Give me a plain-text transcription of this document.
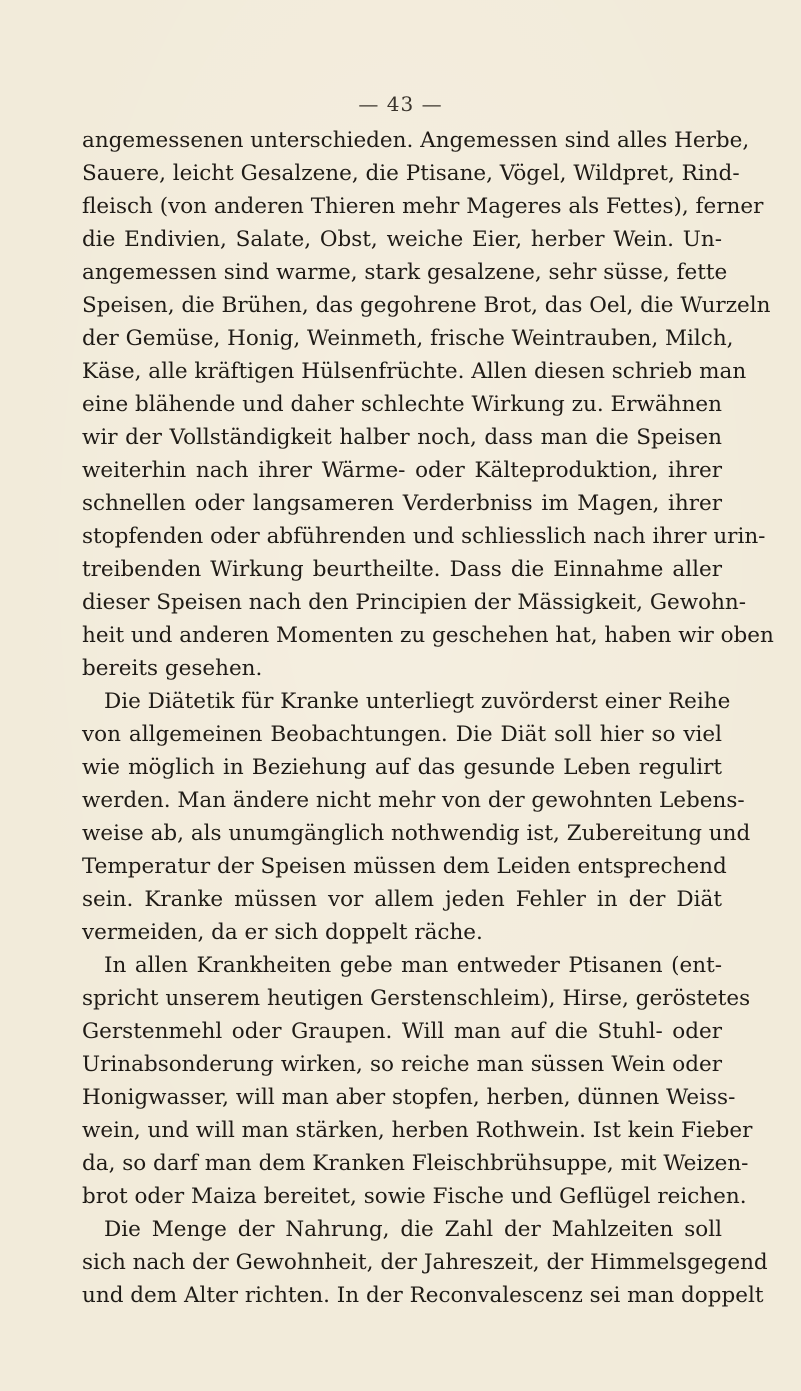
— 43 —
angemessenen unterschieden. Angemessen sind alles Herbe,
Sauere, leicht Gesalzene, die Ptisane, Vögel, Wildpret, Rind-
fleisch (von anderen Thieren mehr Mageres als Fettes), ferner
die Endivien, Salate, Obst, weiche Eier, herber Wein. Un-
angemessen sind warme, stark gesalzene, sehr süsse, fette
Speisen, die Brühen, das gegohrene Brot, das Oel, die Wurzeln
der Gemüse, Honig, Weinmeth, frische Weintrauben, Milch,
Käse, alle kräftigen Hülsenfrüchte. Allen diesen schrieb man
eine blähende und daher schlechte Wirkung zu. Erwähnen
wir der Vollständigkeit halber noch, dass man die Speisen
weiterhin nach ihrer Wärme- oder Kälteproduktion, ihrer
schnellen oder langsameren Verderbniss im Magen, ihrer
stopfenden oder abführenden und schliesslich nach ihrer urin-
treibenden Wirkung beurtheilte. Dass die Einnahme aller
dieser Speisen nach den Principien der Mässigkeit, Gewohn-
heit und anderen Momenten zu geschehen hat, haben wir oben
bereits gesehen.
Die Diätetik für Kranke unterliegt zuvörderst einer Reihe
von allgemeinen Beobachtungen. Die Diät soll hier so viel
wie möglich in Beziehung auf das gesunde Leben regulirt
werden. Man ändere nicht mehr von der gewohnten Lebens-
weise ab, als unumgänglich nothwendig ist, Zubereitung und
Temperatur der Speisen müssen dem Leiden entsprechend
sein. Kranke müssen vor allem jeden Fehler in der Diät
vermeiden, da er sich doppelt räche.
In allen Krankheiten gebe man entweder Ptisanen (ent-
spricht unserem heutigen Gerstenschleim), Hirse, geröstetes
Gerstenmehl oder Graupen. Will man auf die Stuhl- oder
Urinabsonderung wirken, so reiche man süssen Wein oder
Honigwasser, will man aber stopfen, herben, dünnen Weiss-
wein, und will man stärken, herben Rothwein. Ist kein Fieber
da, so darf man dem Kranken Fleischbrühsuppe, mit Weizen-
brot oder Maiza bereitet, sowie Fische und Geflügel reichen.
Die Menge der Nahrung, die Zahl der Mahlzeiten soll
sich nach der Gewohnheit, der Jahreszeit, der Himmelsgegend
und dem Alter richten. In der Reconvalescenz sei man doppelt
